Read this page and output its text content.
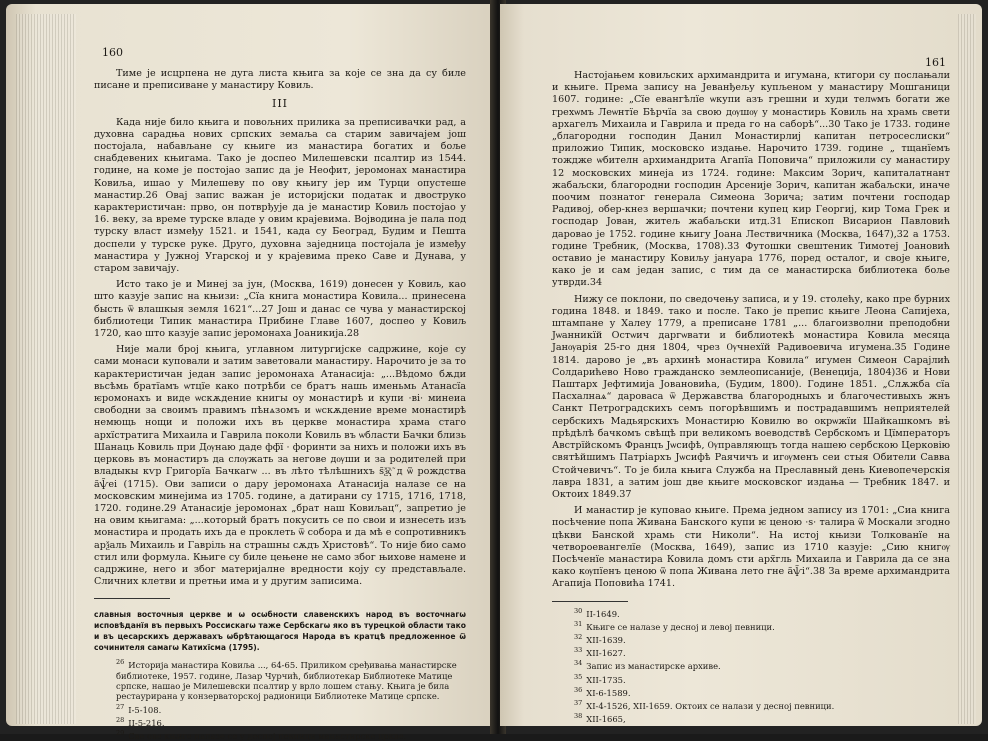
160

Тиме је исцрпена не дуга листа књига за које се зна да су биле писане и преписиване у манастиру Ковиљ.

III

Када није било књига и повољних прилика за преписивачки рад, а духовна сарадња нових српских земаља са старим завичајем још постојала, набављане су књиге из манастира богатих и боље снабдевених књигама. Тако је доспео Милешевски псалтир из 1544. године, на коме је постојао запис да је Неофит, јеромонах манастира Ковиља, ишао у Милешеву по ову књигу јер им Турци опустеше манастир.26 Овај запис важан је историјски податак и двоструко карактеристичан: прво, он потврђује да је манастир Ковиљ постојао у 16. веку, за време турске владе у овим крајевима. Војводина је пала под турску власт између 1521. и 1541, када су Београд, Будим и Пешта доспели у турске руке. Друго, духовна заједница постојала је између манастира у Јужној Угарској и у крајевима преко Саве и Дунава, у старом завичају.

Исто тако је и Минеј за јун, (Москва, 1619) донесен у Ковиљ, као што казује запис на књизи: „Сїа книга монастира Ковила... принесена бысть ѿ влашкыя земля 1621“...27 Још и данас се чува у манастирској библиотеци Типик манастира Прибине Главе 1607, доспео у Ковиљ 1720, као што казује запис јеромонаха Јоаникија.28

Није мали број књига, углавном литургијске садржине, које су сами монаси куповали и затим заветовали манастиру. Нарочито је за то карактеристичан један запис јеромонаха Атанасија: „...Вѣдомо бѫди вьсѣмь братїамъ ѡтцїе како потрѣби се братъ нашь именьмь Атанасїа ѥромонахъ и виде ѡскѫдение книгы оу монастирѣ и купи ·ві· минеиа свободни за своимъ правимъ пѣнѧзомъ и ѡскѫдение време монастирѣ немющь нощи и положи ихъ въ церкве монастира храма стаго архїстратига Михаила и Гаврила поколи Ковиль въ ѡбласти Бачки близь Шанаць Ковиль при Дѹнаю даде фф̃ї · форинти за нихъ и положи ихъ въ церковь въ монастиръ да слѹжать за негове дѹши и за родителей при владыкы кѵр Григорїа Бачкагѡ ... въ лѣто тѣлѣшнихъ ѕ̃ѯ̃ҁ̃ д ѿ рождства а̃ѱ̃еі (1715). Ови записи о дару јеромонаха Атанасија налазе се на московским минејима из 1705. године, а датирани су 1715, 1716, 1718, 1720. године.29 Атанасије јеромонах „брат наш Ковиљац“, запретио је на овим књигама: „...который братъ покусить се по свои и изнесеть изъ монастира и продать ихъ да е проклеть ѿ собора и да мѣ е сопротивникъ арѯаль Михаиль и Гавріль на страшны сѫдъ Христовѣ“. То није био само стил или формула. Књиге су биле цењене не само због њихове намене и садржине, него и због материјалне вредности коју су представљале. Сличних клетви и претњи има и у другим записима.

славныя восточныя церкве и ѡ осѡбности славенскихъ народ въ восточнагѡ исповѣданїя въ первыхъ Россискагѡ таже Сербскагѡ яко въ турецкой области тако и въ цесарскихъ державахъ ѡбрѣтающагося Народа въ кратцѣ предложенное ѿ сочинителя самагѡ Катихїсма (1795).
$^{26}$ Историја манастира Ковиља ..., 64-65. Приликом сређивања манастирске библиотеке, 1957. године, Лазар Чурчић, библиотекар Библиотеке Матице српске, нашао је Милешевски псалтир у врло лошем стању. Књига је била рестаурирана у конзерваторској радионици Библиотеке Матице српске.
$^{27}$ I-5-108.
$^{28}$ II-5-216.
$^{29}$ Све ове књиге налазе се у десној певници манастирске цркве.
161

Настојањем ковиљских архимандрита и игумана, ктигори су послањали и књиге. Према запису на Јеванђељу купљеном у манастиру Мошганици 1607. године: „Сїе евангѣлїе ѡкупи азъ грешни и худи телѡмъ богати же грехѡмъ Леѡнтїе Бѣрчїа за свою дѹшѹ у монастирь Ковиль на храмь свети архагелъ Михаила и Гаврила и преда го на саборѣ“...30 Тако је 1733. године „благородни господин Данил Монастирлиј капитан петросеслиски“ приложио Типик, московско издање. Нарочито 1739. године „ тщанїемъ тождже ѡбителн архимандрита Агапїа Поповича“ приложили су манастиру 12 московских минеја из 1724. године: Максим Зорич, капиталатнант жабаљски, благородни господин Арсеније Зорич, капитан жабаљски, иначе поочим познатог генерала Симеона Зорича; затим почтени господар Радивој, обер-кнез вершачки; почтени купец кир Георгиј, кир Тома Грек и господар Јован, житељ жабаљски итд.31 Епископ Висарион Павловић даровао је 1752. године књигу Јоана Лествичника (Москва, 1647),32 а 1753. године Требник, (Москва, 1708).33 Футошки свештеник Тимотеј Јоановић оставио је манастиру Ковиљу јануара 1776, поред осталог, и своје књиге, како је и сам један запис, с тим да се манастирска библиотека боље утврди.34

Нижу се поклони, по сведочењу записа, и у 19. столећу, како пре бурних година 1848. и 1849. тако и после. Тако је препис књиге Леона Сапијеха, штампане у Халеу 1779, а преписане 1781 „... благоизволни преподобни Јѡанникїй Остѡич даргѡвати и библиотекѣ монастира Ковила месяца Јанѹарія 25-го дня 1804, чрез Ѹчнехїй Радивоевича игумена.35 Године 1814. дарово је „въ архинѣ монастира Ковила“ игумен Симеон Сарајлић Солдарићево Ново гражданско землеописаније, (Венеција, 1804)36 и Нови Паштарх Јефтимија Јовановића, (Будим, 1800). Године 1851. „Слѫжба сїа Пасхалнаѧ“ дароваса ѿ Державства благородныхъ и благочестивыхъ жнъ Санкт Петроградскихъ семъ погорѣвшимъ и пострадавшимъ неприятелей сербскихъ Мадьярскихъ Монастирю Ковилю во окрѡжїи Шайкашкомъ въ̓ прѣдѣлѣ бачкомъ свѣщѣ при великомъ воеводствѣ Сербскомъ и Цїмператоръ Австрїйскомъ Францъ Јѡсифѣ, Ѹправляющъ тогда нашею сербскою Церковію святѣйшимъ Патріархъ Јѡсифѣ Раячичъ и игѹменъ сеи стыя Обители Савва Стойчевичъ“. То је била књига Служба на Преславный день Киевопечерскія лавра 1831, а затим још две књиге московског издања — Требник 1847. и Октоих 1849.37

И манастир је куповао књиге. Према једном запису из 1701: „Сиа книга посѣчение попа Живана Банского купи ѥ ценою ·ѕ· талира ѿ Москали згодно цѣкви Банской храмь сти Николи“. На истој књизи Толкованїе на четвороевангелїе (Москва, 1649), запис из 1710 казује: „Сию книгѹ Посѣченїе манастира Ковила домъ сти арх̃гль Михаила и Гаврила да се зна како кѹпїенъ ценою ѿ попа Живана лето гне а̃ѱ̃і“.38 За време архимандрита Агапија Поповића 1741.

$^{30}$ II-1649.
$^{31}$ Књиге се налазе у десној и левој певници.
$^{32}$ XII-1639.
$^{33}$ XII-1627.
$^{34}$ Запис из манастирске архиве.
$^{35}$ XII-1735.
$^{36}$ XI-6-1589.
$^{37}$ XI-4-1526, XII-1659. Октоих се налази у десној певници.
$^{38}$ XII-1665,
